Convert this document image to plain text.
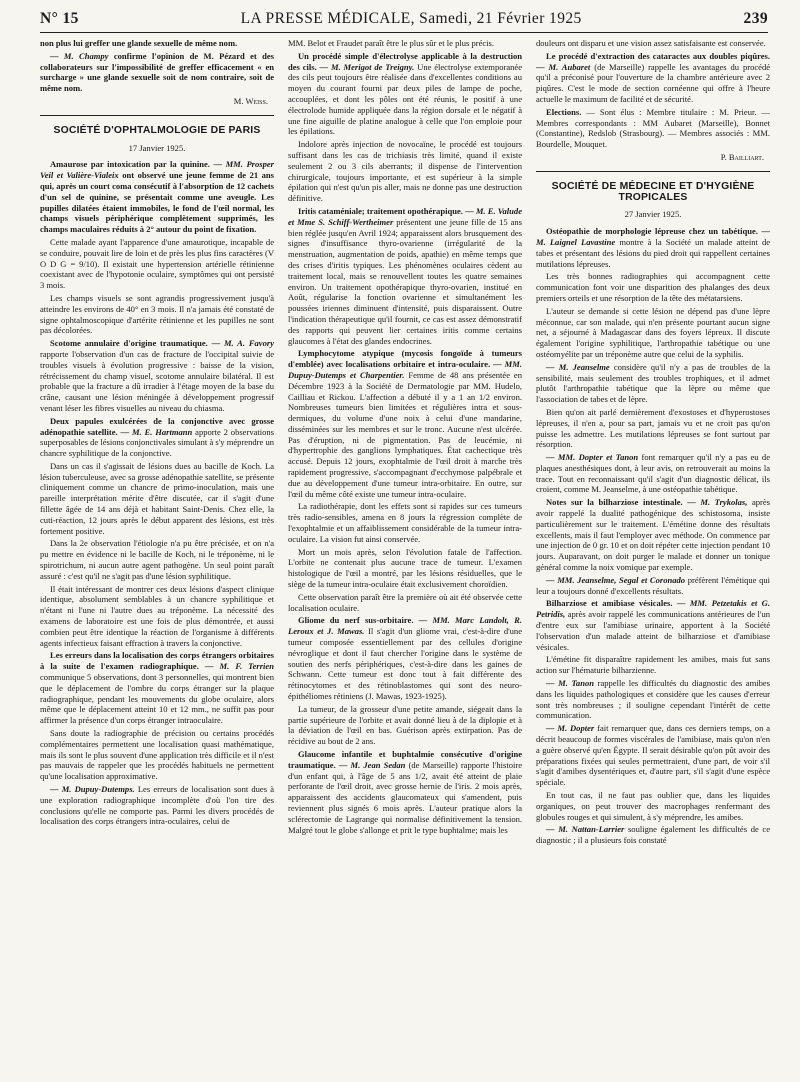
N° 15	LA PRESSE MÉDICALE, Samedi, 21 Février 1925	239

non plus lui greffer une glande sexuelle de même nom.

— M. Champy confirme l'opinion de M. Pézard et des collaborateurs sur l'impossibilité de greffer efficacement « en surcharge » une glande sexuelle soit de nom contraire, soit de même nom.

M. Weiss.
SOCIÉTÉ D'OPHTALMOLOGIE DE PARIS
17 Janvier 1925.

Amaurose par intoxication par la quinine. — MM. Prosper Veil et Valière-Vialeix ont observé une jeune femme de 21 ans qui, après un court coma consécutif à l'absorption de 12 cachets d'un sel de quinine, se présentait comme une aveugle. Les pupilles dilatées étaient immobiles, le fond de l'œil normal, les champs visuels périphérique complètement supprimés, les champs maculaires réduits à 2° autour du point de fixation.

Cette malade ayant l'apparence d'une amaurotique, incapable de se conduire, pouvait lire de loin et de près les plus fins caractères (V O D G = 9/10). Il existait une hypertension artérielle rétinienne coexistant avec de l'hypotonie oculaire, symptômes qui ont persisté 3 mois.

Les champs visuels se sont agrandis progressivement jusqu'à atteindre les environs de 40° en 3 mois. Il n'a jamais été constaté de signe ophtalmoscopique d'artérite rétinienne et les pupilles ne sont pas décolorées.

Scotome annulaire d'origine traumatique. — M. A. Favory rapporte l'observation d'un cas de fracture de l'occipital suivie de troubles visuels à évolution progressive : baisse de la vision, rétrécissement du champ visuel, scotome annulaire bilatéral. Il est probable que la fracture a dû irradier à l'étage moyen de la base du crâne, causant une lésion méningée à développement progressif venant léser les fibres visuelles au niveau du chiasma.

Deux papules exulcérées de la conjonctive avec grosse adénopathie satellite. — M. E. Hartmann apporte 2 observations superposables de lésions conjonctivales simulant à s'y méprendre un chancre syphilitique de la conjonctive.

Dans un cas il s'agissait de lésions dues au bacille de Koch. La lésion tuberculeuse, avec sa grosse adénopathie satellite, se présente cliniquement comme un chancre de primo-inoculation, mais une pareille interprétation mérite d'être discutée, car il s'agit d'une fillette âgée de 14 ans déjà et habitant Saint-Denis. Chez elle, la cuti-réaction, 12 jours après le début apparent des lésions, est très fortement positive.

Dans la 2e observation l'étiologie n'a pu être précisée, et on n'a pu mettre en évidence ni le bacille de Koch, ni le tréponème, ni le spirotrichum, ni aucun autre agent pathogène. Un seul point paraît assuré : c'est qu'il ne s'agit pas d'une lésion syphilitique.

Il était intéressant de montrer ces deux lésions d'aspect clinique identique, absolument semblables à un chancre syphilitique et n'étant ni l'une ni l'autre dues au tréponème. La nécessité des examens de laboratoire est une fois de plus démontrée, et aussi combien peut être identique la réaction de l'organisme à différents agents infectieux faisant effraction à travers la conjonctive.

Les erreurs dans la localisation des corps étrangers orbitaires à la suite de l'examen radiographique. — M. F. Terrien communique 5 observations, dont 3 personnelles, qui montrent bien que le déplacement de l'ombre du corps étranger sur la plaque radiographique, pendant les mouvements du globe oculaire, alors même que le déplacement atteint 10 et 12 mm., ne suffit pas pour affirmer la présence d'un corps étranger intraoculaire.

Sans doute la radiographie de précision ou certains procédés complémentaires permettent une localisation quasi mathématique, mais ils sont le plus souvent d'une application très difficile et il n'est pas mauvais de rappeler que les procédés habituels ne permettent qu'une localisation approximative.

— M. Dupuy-Dutemps. Les erreurs de localisation sont dues à une exploration radiographique incomplète d'où l'on tire des conclusions qu'elle ne comporte pas. Parmi les divers procédés de localisation des corps étrangers intra-oculaires, celui de

MM. Belot et Fraudet paraît être le plus sûr et le plus précis.

Un procédé simple d'électrolyse applicable à la destruction des cils. — M. Merigot de Treigny. Une électrolyse extemporanée des cils peut toujours être réalisée dans d'excellentes conditions au moyen du courant fourni par deux piles de lampe de poche, accouplées, et dont les pôles ont été réunis, le positif à une électrolode humide appliquée dans la région dorsale et le négatif à une fine aiguille de platine analogue à celle que l'on emploie pour les épilations.

Indolore après injection de novocaïne, le procédé est toujours suffisant dans les cas de trichiasis très limité, quand il existe seulement 2 ou 3 cils aberrants; il dispense de l'intervention chirurgicale, toujours importante, et est supérieur à la simple épilation qui n'est qu'un pis aller, mais ne donne pas une destruction définitive.

Iritis cataméniale; traitement opothérapique. — M. E. Valude et Mme S. Schiff-Wertheimer présentent une jeune fille de 15 ans bien réglée jusqu'en Avril 1924; apparaissent alors brusquement des signes d'insuffisance thyro-ovarienne (irrégularité de la menstruation, augmentation de poids, apathie) en même temps que des crises d'iritis typiques. Les phénomènes oculaires cèdent au traitement local, mais se renouvellent toutes les quatre semaines environ. Un traitement opothérapique thyro-ovarien, institué en Août, régularise la fonction ovarienne et simultanément les poussées iriennes diminuent d'intensité, puis disparaissent. Outre l'indication thérapeutique qu'il fournit, ce cas est assez démonstratif des rapports qui peuvent lier certaines iritis comme certains glaucomes à l'état des glandes endocrines.

Lymphocytome atypique (mycosis fongoïde à tumeurs d'emblée) avec localisations orbitaire et intra-oculaire. — MM. Dupuy-Dutemps et Charpentier. Femme de 48 ans présentée en Décembre 1923 à la Société de Dermatologie par MM. Hudelo, Cailliau et Rickou. L'affection a débuté il y a 1 an 1/2 environ. Nombreuses tumeurs bien limitées et régulières intra et sous-dermiques, du volume d'une noix à celui d'une mandarine, disséminées sur les membres et sur le tronc. Aucune n'est ulcérée. Pas d'éruption, ni de pigmentation. Pas de leucémie, ni d'hypertrophie des ganglions lymphatiques. État cachectique très accusé. Depuis 12 jours, exophtalmie de l'œil droit à marche très rapidement progressive, s'accompagnant d'ecchymose palpébrale et due au développement d'une tumeur intra-orbitaire. En outre, sur l'œil du même côté existe une tumeur intra-oculaire.

La radiothérapie, dont les effets sont si rapides sur ces tumeurs très radio-sensibles, amena en 8 jours la régression complète de l'exophtalmie et un affaiblissement considérable de la tumeur intra-oculaire. La vision fut ainsi conservée.

Mort un mois après, selon l'évolution fatale de l'affection. L'orbite ne contenait plus aucune trace de tumeur. L'examen histologique de l'œil a montré, par les lésions résiduelles, que le siège de la tumeur intra-oculaire était exclusivement choroïdien.

Cette observation paraît être la première où ait été observée cette localisation oculaire.

Gliome du nerf sus-orbitaire. — MM. Marc Landolt, R. Leroux et J. Mawas. Il s'agit d'un gliome vrai, c'est-à-dire d'une tumeur composée essentiellement par des cellules d'origine névroglique et dont il faut chercher l'origine dans le système de soutien des nerfs périphériques, c'est-à-dire dans les gaines de Schwann. Cette tumeur est donc tout à fait différente des rétinocytomes et des rétinoblastomes qui sont des neuro-épithéliomes rétiniens (J. Mawas, 1923-1925).

La tumeur, de la grosseur d'une petite amande, siégeait dans la partie supérieure de l'orbite et avait donné lieu à de la diplopie et à la déviation de l'œil en bas. Guérison après extirpation. Pas de récidive au bout de 2 ans.

Glaucome infantile et buphtalmie consécutive d'origine traumatique. — M. Jean Sedan (de Marseille) rapporte l'histoire d'un enfant qui, à l'âge de 5 ans 1/2, avait été atteint de plaie perforante de l'œil droit, avec grosse hernie de l'iris. 2 mois après, apparaissent des accidents glaucomateux qui s'amendent, puis reviennent plus signés 6 mois après. L'auteur pratique alors la sclérectomie de Lagrange qui normalise définitivement la tension. Malgré tout le globe s'allonge et prit le type buphtalme; mais les

douleurs ont disparu et une vision assez satisfaisante est conservée.

Le procédé d'extraction des cataractes aux doubles piqûres. — M. Aubaret (de Marseille) rappelle les avantages du procédé qu'il a préconisé pour l'ouverture de la chambre antérieure avec 2 piqûres. C'est le mode de section cornéenne qui offre à l'heure actuelle le maximum de facilité et de sécurité.

Elections. — Sont élus : Membre titulaire : M. Prieur. — Membres correspondants : MM Aubaret (Marseille), Bonnet (Constantine), Redslob (Strasbourg). — Membres associés : MM. Bourdelle, Mouquet.

P. Bailliart.
SOCIÉTÉ DE MÉDECINE ET D'HYGIÈNE TROPICALES
27 Janvier 1925.

Ostéopathie de morphologie lépreuse chez un tabétique. — M. Laignel Lavastine montre à la Société un malade atteint de tabes et présentant des lésions du pied droit qui rappellent certaines mutilations lépreuses.

Les très bonnes radiographies qui accompagnent cette communication font voir une disparition des phalanges des deux premiers orteils et une résorption de la tête des métatarsiens.

L'auteur se demande si cette lésion ne dépend pas d'une lèpre méconnue, car son malade, qui n'en présente pourtant aucun signe net, a séjourné à Madagascar dans des foyers lépreux. Il discute également l'origine syphilitique, l'arthropathie tabétique ou une ostéomyélite par un tréponème autre que celui de la syphilis.

— M. Jeanselme considère qu'il n'y a pas de troubles de la sensibilité, mais seulement des troubles trophiques, et il admet plutôt l'arthropathie tabétique que la lèpre ou même que l'association de tabes et de lèpre.

Bien qu'on ait parlé dernièrement d'exostoses et d'hyperostoses lépreuses, il n'en a, pour sa part, jamais vu et ne croit pas qu'on puisse les admettre. Les mutilations lépreuses se font surtout par résorption.

— MM. Dopter et Tanon font remarquer qu'il n'y a pas eu de plaques anesthésiques dont, à leur avis, on retrouverait au moins la trace. Tout en reconnaissant qu'il s'agit d'un diagnostic délicat, ils croient, comme M. Jeanselme, à une ostéopathie tabétique.

Notes sur la bilharziose intestinale. — M. Trykolas, après avoir rappelé la dualité pathogénique des schistosoma, insiste particulièrement sur le traitement. L'émétine donne des résultats excellents, mais il faut l'employer avec méthode. On commence par une injection de 0 gr. 10 et on doit répéter cette injection pendant 10 jours. Auparavant, on doit purger le malade et donner un tonique général comme la noix vomique par exemple.

— MM. Jeanselme, Segal et Coronado préfèrent l'émétique qui leur a toujours donné d'excellents résultats.

Bilharziose et amibiase vésicales. — MM. Petzetakis et G. Petridis, après avoir rappelé les communications antérieures de l'un d'entre eux sur l'amibiase urinaire, apportent à la Société l'observation d'un malade atteint de bilharziose et d'amibiase vésicales.

L'émétine fit disparaître rapidement les amibes, mais fut sans action sur l'hématurie bilharzienne.

— M. Tanon rappelle les difficultés du diagnostic des amibes dans les liquides pathologiques et considère que les causes d'erreur sont très nombreuses ; il souligne cependant l'intérêt de cette communication.

— M. Dopter fait remarquer que, dans ces derniers temps, on a décrit beaucoup de formes viscérales de l'amibiase, mais qu'on n'en a guère observé qu'en Égypte. Il serait désirable qu'on pût avoir des préparations fixées qui seules permettraient, d'une part, de voir s'il s'agit d'amibes dysentériques et, d'autre part, s'il s'agit d'une espèce spéciale.

En tout cas, il ne faut pas oublier que, dans les liquides organiques, on peut trouver des macrophages renfermant des globules rouges et qui simulent, à s'y méprendre, les amibes.

— M. Nattan-Larrier souligne également les difficultés de ce diagnostic ; il a plusieurs fois constaté
